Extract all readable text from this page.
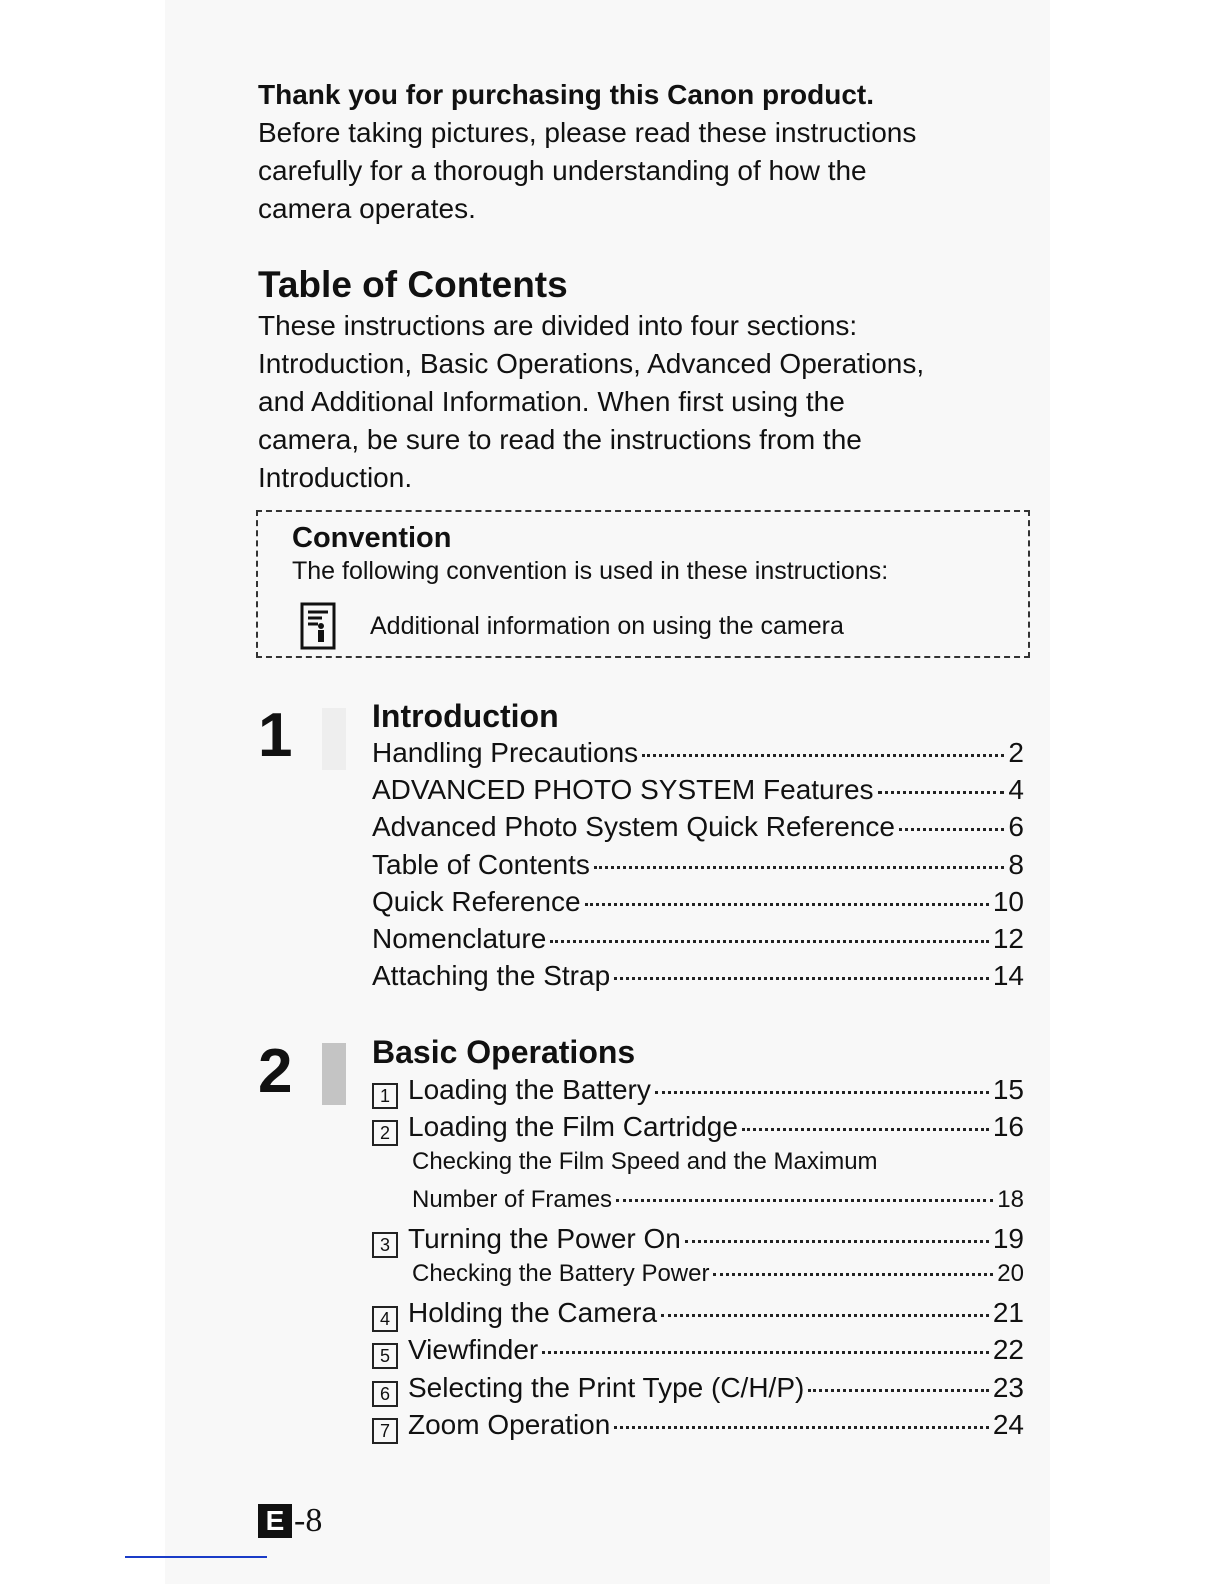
Thank you for purchasing this Canon product.

Before taking pictures, please read these instructions

carefully for a thorough understanding of how the

camera operates.

Table of Contents

These instructions are divided into four sections:

Introduction, Basic Operations, Advanced Operations,

and Additional Information. When first using the

camera, be sure to read the instructions from the

Introduction.

Convention
The following convention is used in these instructions:
Additional information on using the camera
1 Introduction
Handling Precautions	2
ADVANCED PHOTO SYSTEM Features	4
Advanced Photo System Quick Reference	6
Table of Contents	8
Quick Reference	10
Nomenclature	12
Attaching the Strap	14
2 Basic Operations
1 Loading the Battery	15
2 Loading the Film Cartridge	16
Checking the Film Speed and the Maximum
Number of Frames	18
3 Turning the Power On	19
Checking the Battery Power	20
4 Holding the Camera	21
5 Viewfinder	22
6 Selecting the Print Type (C/H/P)	23
7 Zoom Operation	24
E -8
